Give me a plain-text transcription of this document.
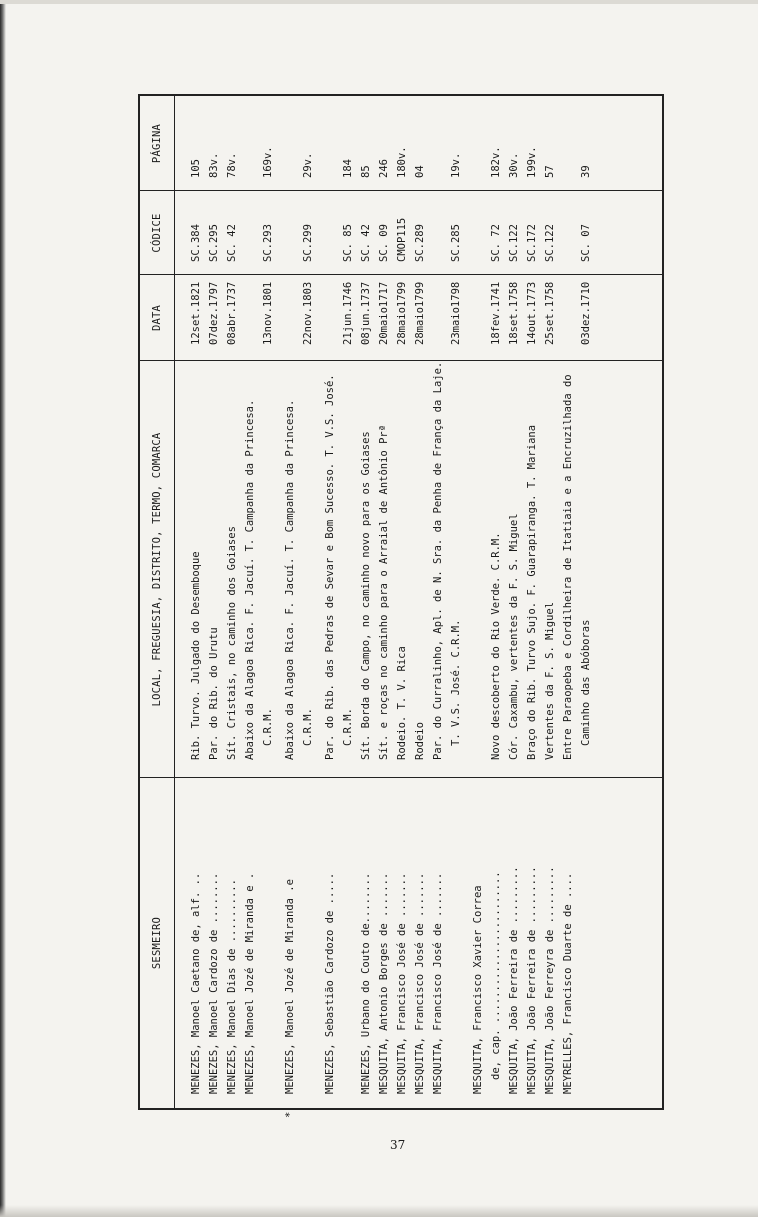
SESMEIRO
LOCAL, FREGUESIA, DISTRITO, TERMO, COMARCA
DATA
CÓDICE
PÁGINA
MENEZES, Manoel Caetano de, alf. ..
Rib. Turvo. Julgado do Desemboque
12set.1821
SC.384
105
MENEZES, Manoel Cardozo de ........
Par. do Rib. do Urutu
07dez.1797
SC.295
83v.
MENEZES, Manoel Dias de ..........
Sít. Cristais, no caminho dos Goiases
08abr.1737
SC. 42
78v.
MENEZES, Manoel Jozé de Miranda e .
Abaixo da Alagoa Rica. F. Jacuí. T. Campanha da Princesa. C.R.M.
13nov.1801
SC.293
169v.
*
MENEZES, Manoel Jozé de Miranda .e
Abaixo da Alagoa Rica. F. Jacuí. T. Campanha da Princesa. C.R.M.
22nov.1803
SC.299
29v.
MENEZES, Sebastião Cardozo de .....
Par. do Rib. das Pedras de Sevar e Bom Sucesso. T. V.S. José. C.R.M.
21jun.1746
SC. 85
184
MENEZES, Urbano do Couto de........
Sít. Borda do Campo, no caminho novo para os Goiases
08jun.1737
SC. 42
85
MESQUITA, Antonio Borges de .......
Sít. e roças no caminho para o Arraial de Antônio Prª
20maio1717
SC. 09
246
MESQUITA, Francisco José de .......
Rodeio. T. V. Rica
28maio1799
CMOP115
180v.
MESQUITA, Francisco José de .......
Rodeio
28maio1799
SC.289
04
MESQUITA, Francisco José de .......
Par. do Curralinho, Apl. de N. Sra. da Penha de França da Laje. T. V.S. José. C.R.M.
23maio1798
SC.285
19v.
MESQUITA, Francisco Xavier Correa de, cap. ........................
Novo descoberto do Rio Verde. C.R.M.
18fev.1741
SC. 72
182v.
MESQUITA, João Ferreira de .........
Cór. Caxambu, vertentes da F. S. Miguel
18set.1758
SC.122
30v.
MESQUITA, João Ferreira de .........
Braço do Rib. Turvo Sujo. F. Guarapiranga. T. Mariana
14out.1773
SC.172
199v.
MESQUITA, João Ferreyra de .........
Vertentes da F. S. Miguel
25set.1758
SC.122
57
MEYRELLES, Francisco Duarte de ....
Entre Paraopeba e Cordilheira de Itatiaia e a Encruzilhada do Caminho das Abóboras
03dez.1710
SC. 07
39
37
